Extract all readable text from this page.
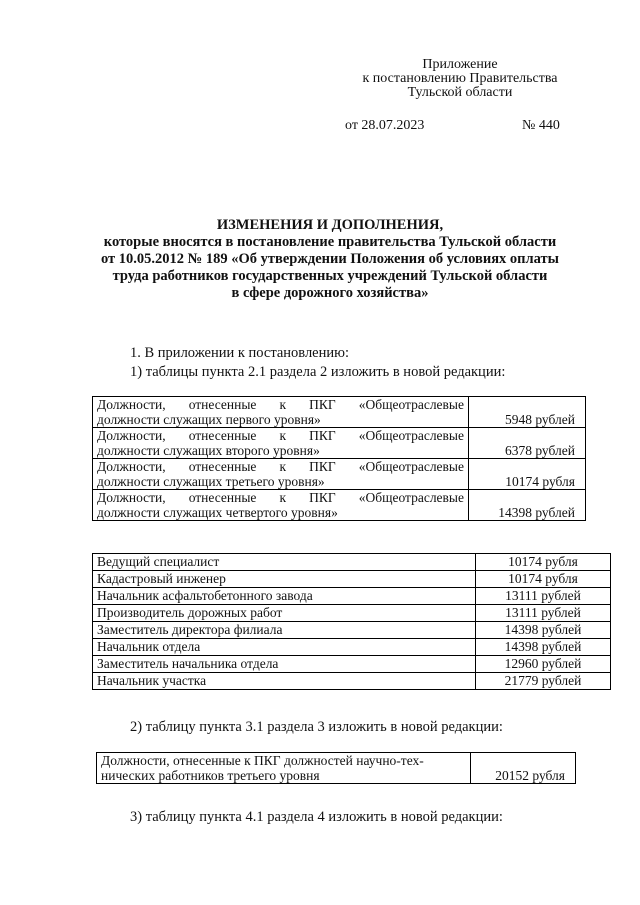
Приложение
к постановлению Правительства
Тульской области
от 28.07.2023	№ 440
ИЗМЕНЕНИЯ И ДОПОЛНЕНИЯ,
которые вносятся в постановление правительства Тульской области
от 10.05.2012 № 189 «Об утверждении Положения об условиях оплаты
труда работников государственных учреждений Тульской области
в сфере дорожного хозяйства»
1. В приложении к постановлению:
1) таблицы пункта 2.1 раздела 2 изложить в новой редакции:
Должности, отнесенные к ПКГ «Общеотраслевые
должности служащих первого уровня»	5948 рублей

Должности, отнесенные к ПКГ «Общеотраслевые
должности служащих второго уровня»	6378 рублей

Должности, отнесенные к ПКГ «Общеотраслевые
должности служащих третьего уровня»	10174 рубля

Должности, отнесенные к ПКГ «Общеотраслевые
должности служащих четвертого уровня»	14398 рублей
Ведущий специалист	10174 рубля
Кадастровый инженер	10174 рубля
Начальник асфальтобетонного завода	13111 рублей
Производитель дорожных работ	13111 рублей
Заместитель директора филиала	14398 рублей
Начальник отдела	14398 рублей
Заместитель начальника отдела	12960 рублей
Начальник участка	21779 рублей
2) таблицу пункта 3.1 раздела 3 изложить в новой редакции:
Должности, отнесенные к ПКГ должностей научно-тех-
нических работников третьего уровня	20152 рубля
3) таблицу пункта 4.1 раздела 4 изложить в новой редакции:
